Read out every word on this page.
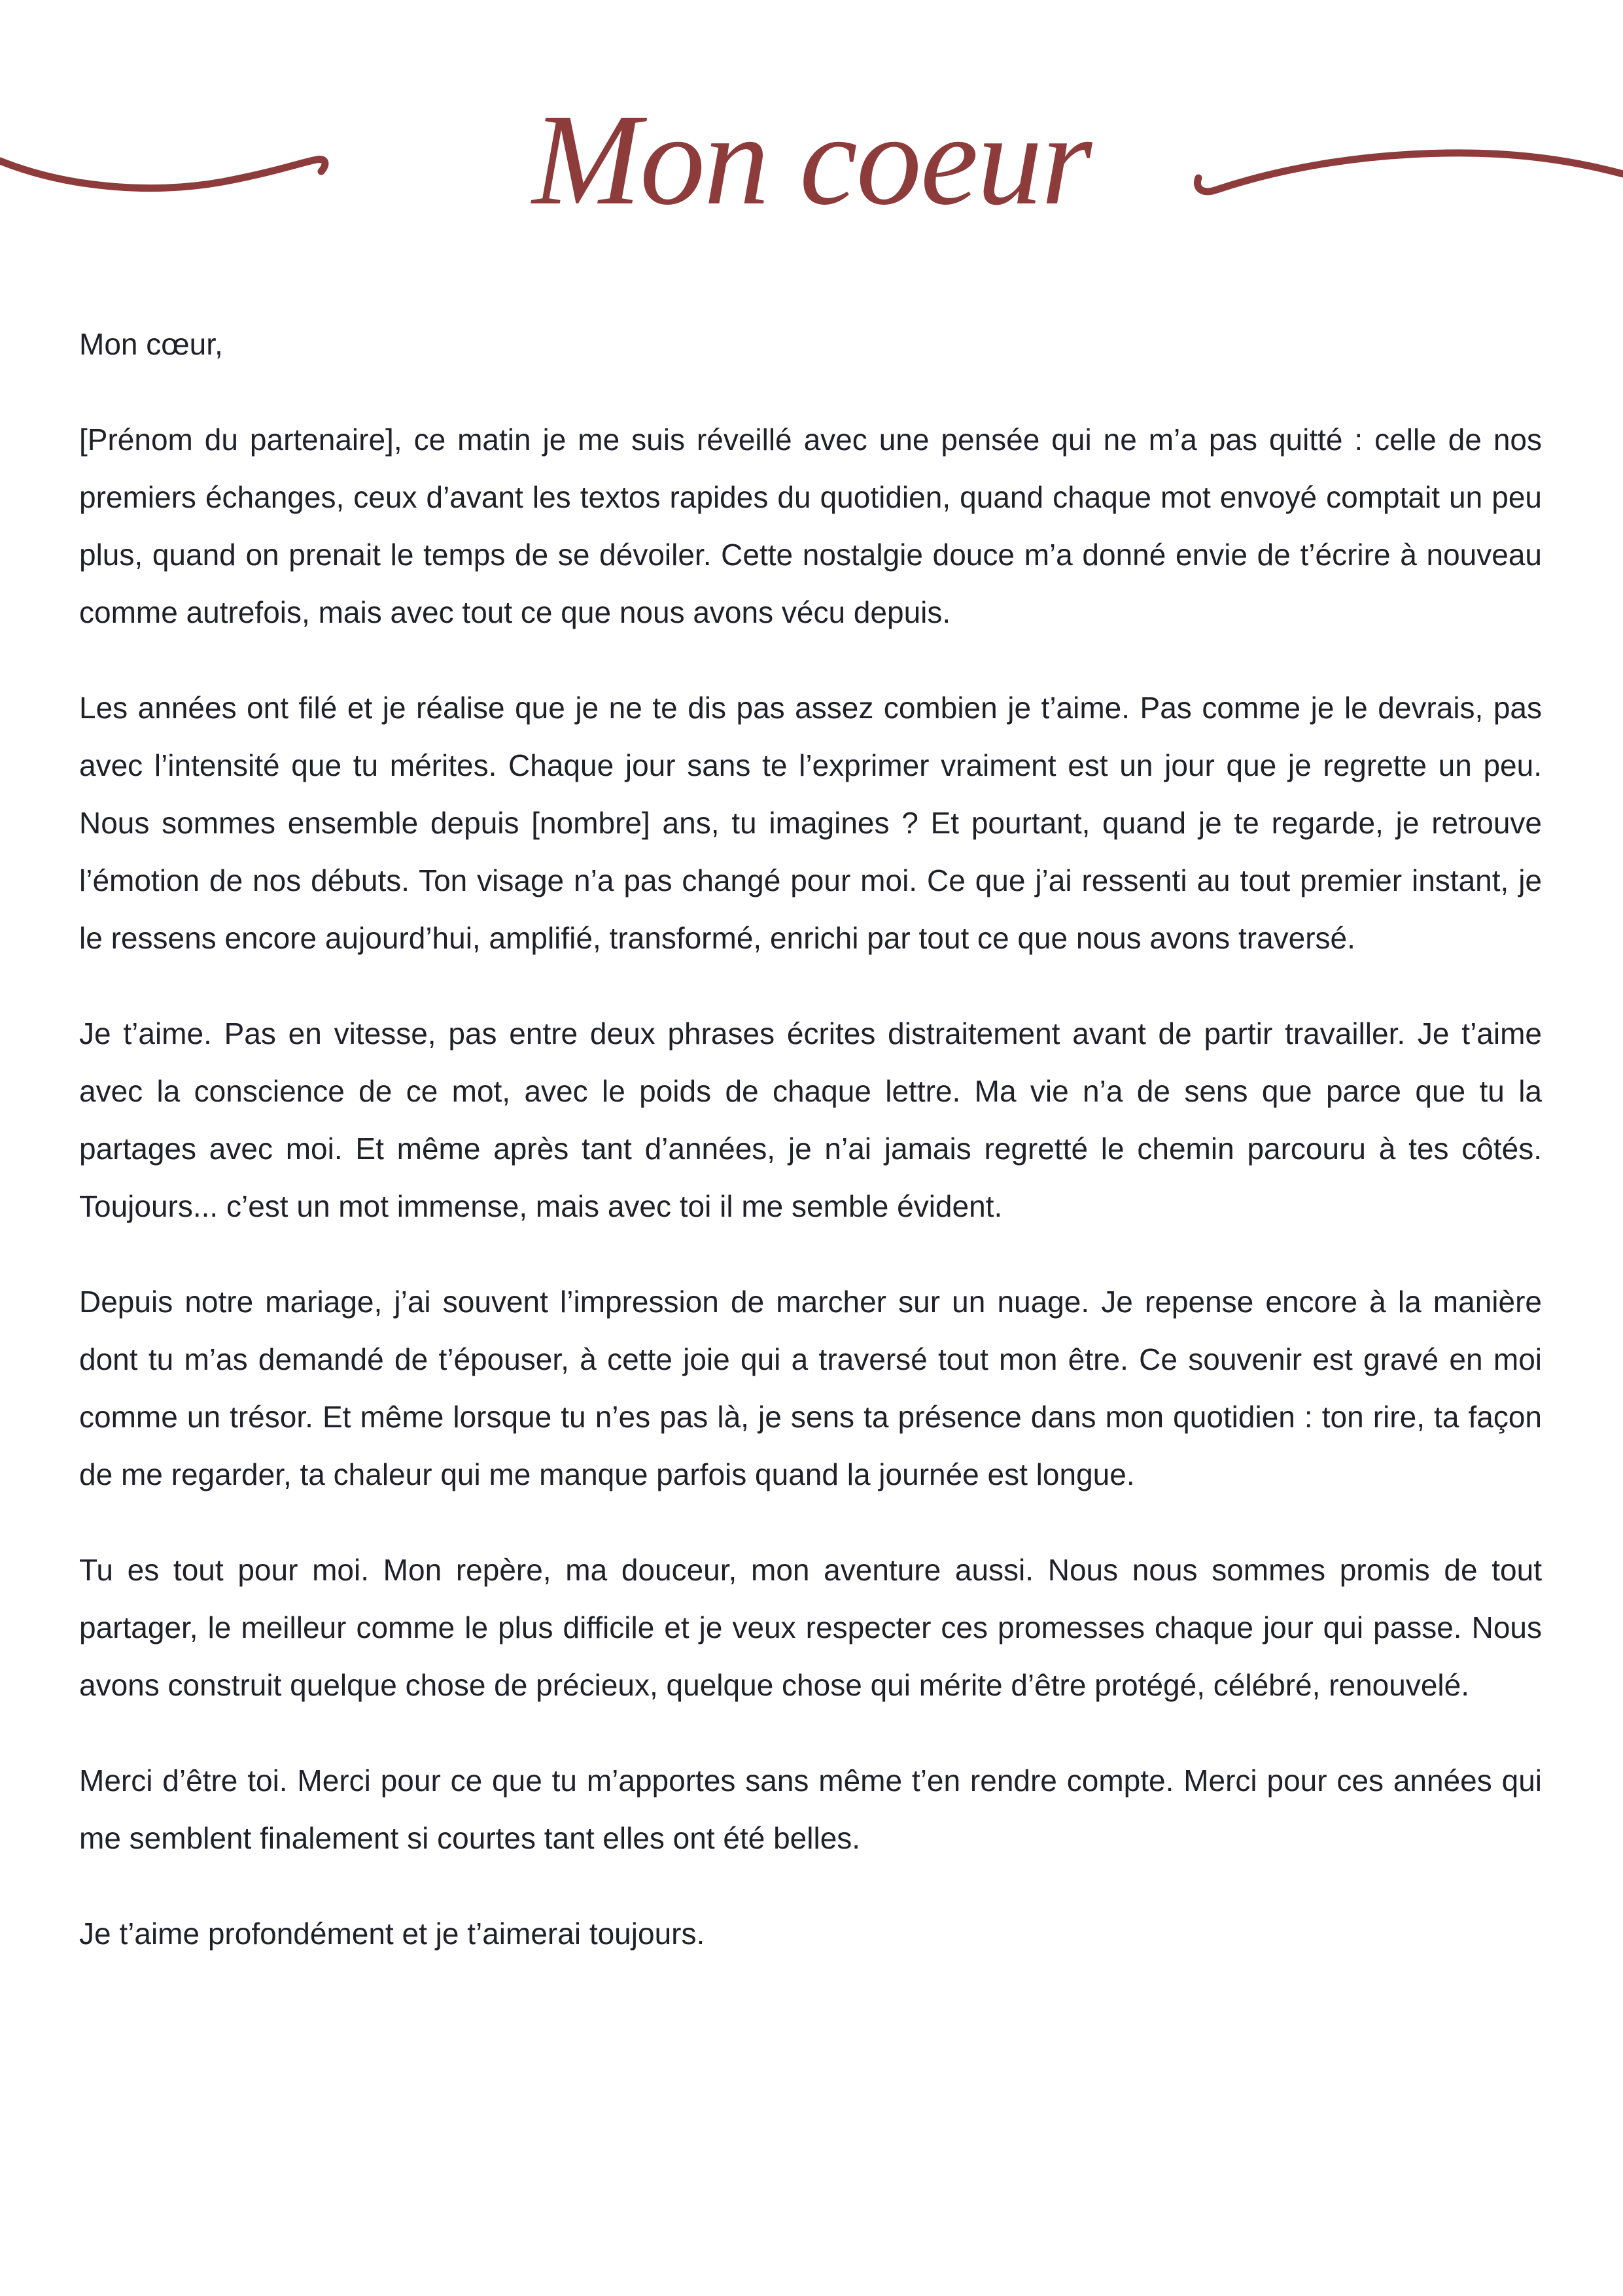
Mon coeur

Mon cœur,

[Prénom du partenaire], ce matin je me suis réveillé avec une pensée qui ne m’a pas quitté : celle de nos premiers échanges, ceux d’avant les textos rapides du quotidien, quand chaque mot envoyé comptait un peu plus, quand on prenait le temps de se dévoiler. Cette nostalgie douce m’a donné envie de t’écrire à nouveau comme autrefois, mais avec tout ce que nous avons vécu depuis.

Les années ont filé et je réalise que je ne te dis pas assez combien je t’aime. Pas comme je le devrais, pas avec l’intensité que tu mérites. Chaque jour sans te l’exprimer vraiment est un jour que je regrette un peu. Nous sommes ensemble depuis [nombre] ans, tu imagines ? Et pourtant, quand je te regarde, je retrouve l’émotion de nos débuts. Ton visage n’a pas changé pour moi. Ce que j’ai ressenti au tout premier instant, je le ressens encore aujourd’hui, amplifié, transformé, enrichi par tout ce que nous avons traversé.

Je t’aime. Pas en vitesse, pas entre deux phrases écrites distraitement avant de partir travailler. Je t’aime avec la conscience de ce mot, avec le poids de chaque lettre. Ma vie n’a de sens que parce que tu la partages avec moi. Et même après tant d’années, je n’ai jamais regretté le chemin parcouru à tes côtés. Toujours... c’est un mot immense, mais avec toi il me semble évident.

Depuis notre mariage, j’ai souvent l’impression de marcher sur un nuage. Je repense encore à la manière dont tu m’as demandé de t’épouser, à cette joie qui a traversé tout mon être. Ce souvenir est gravé en moi comme un trésor. Et même lorsque tu n’es pas là, je sens ta présence dans mon quotidien : ton rire, ta façon de me regarder, ta chaleur qui me manque parfois quand la journée est longue.

Tu es tout pour moi. Mon repère, ma douceur, mon aventure aussi. Nous nous sommes promis de tout partager, le meilleur comme le plus difficile et je veux respecter ces promesses chaque jour qui passe. Nous avons construit quelque chose de précieux, quelque chose qui mérite d’être protégé, célébré, renouvelé.

Merci d’être toi. Merci pour ce que tu m’apportes sans même t’en rendre compte. Merci pour ces années qui me semblent finalement si courtes tant elles ont été belles.

Je t’aime profondément et je t’aimerai toujours.
